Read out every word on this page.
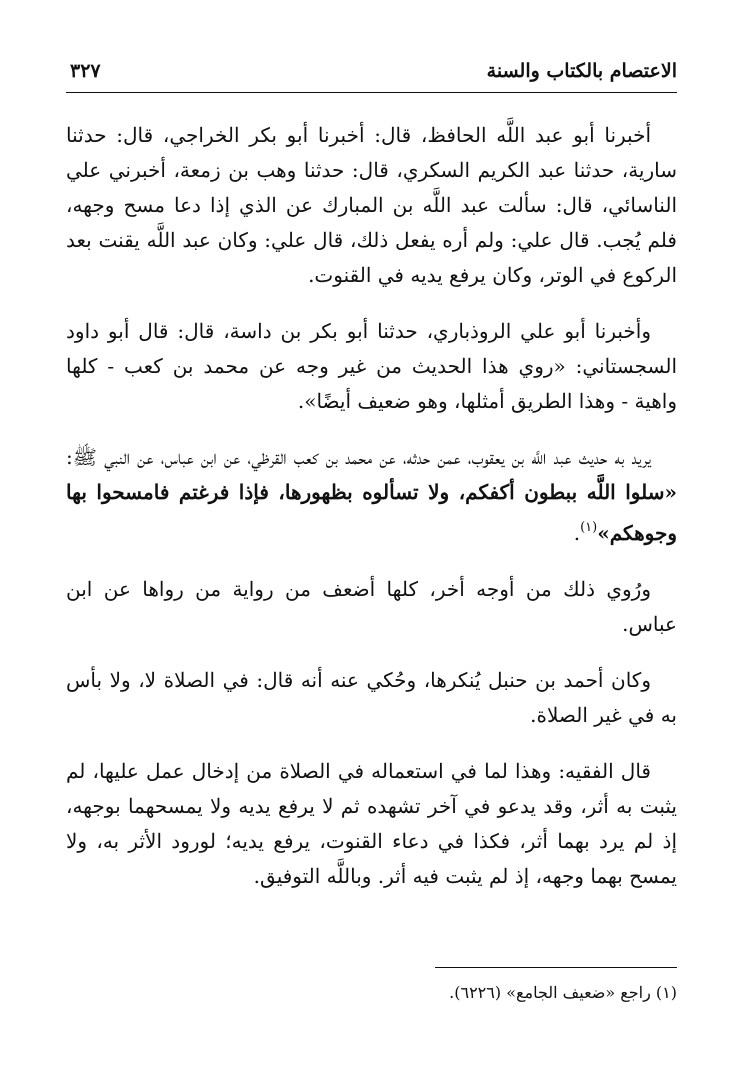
الاعتصام بالكتاب والسنة
٣٢٧

أخبرنا أبو عبد اللَّه الحافظ، قال: أخبرنا أبو بكر الخراجي، قال: حدثنا سارية، حدثنا عبد الكريم السكري، قال: حدثنا وهب بن زمعة، أخبرني علي الناسائي، قال: سألت عبد اللَّه بن المبارك عن الذي إذا دعا مسح وجهه، فلم يُجب. قال علي: ولم أره يفعل ذلك، قال علي: وكان عبد اللَّه يقنت بعد الركوع في الوتر، وكان يرفع يديه في القنوت.

وأخبرنا أبو علي الروذباري، حدثنا أبو بكر بن داسة، قال: قال أبو داود السجستاني: «روي هذا الحديث من غير وجه عن محمد بن كعب - كلها واهية - وهذا الطريق أمثلها، وهو ضعيف أيضًا».

يريد به حديث عبد اللَّه بن يعقوب، عمن حدثه، عن محمد بن كعب القرظي، عن ابن عباس، عن النبي ﷺ: «سلوا اللَّه ببطون أكفكم، ولا تسألوه بظهورها، فإذا فرغتم فامسحوا بها وجوهكم»$^{(١)}$.

ورُوي ذلك من أوجه أخر، كلها أضعف من رواية من رواها عن ابن عباس.

وكان أحمد بن حنبل يُنكرها، وحُكي عنه أنه قال: في الصلاة لا، ولا بأس به في غير الصلاة.

قال الفقيه: وهذا لما في استعماله في الصلاة من إدخال عمل عليها، لم يثبت به أثر، وقد يدعو في آخر تشهده ثم لا يرفع يديه ولا يمسحهما بوجهه، إذ لم يرد بهما أثر، فكذا في دعاء القنوت، يرفع يديه؛ لورود الأثر به، ولا يمسح بهما وجهه، إذ لم يثبت فيه أثر. وباللَّه التوفيق.

(١) راجع «ضعيف الجامع» (٦٢٢٦).
